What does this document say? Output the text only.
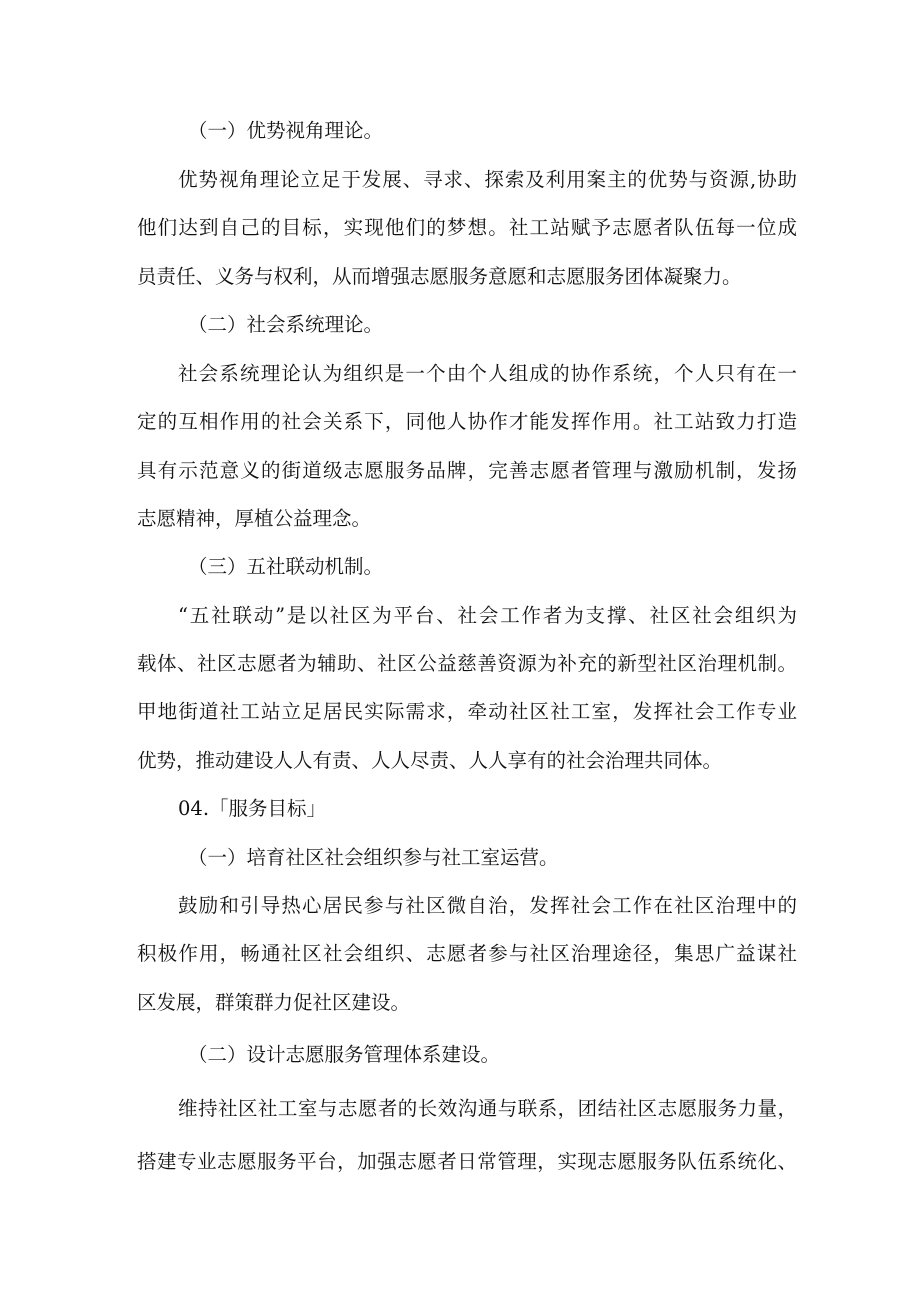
（一）优势视角理论。
优势视角理论立足于发展、寻求、探索及利用案主的优势与资源,协助
他们达到自己的目标，实现他们的梦想。社工站赋予志愿者队伍每一位成
员责任、义务与权利，从而增强志愿服务意愿和志愿服务团体凝聚力。
（二）社会系统理论。
社会系统理论认为组织是一个由个人组成的协作系统，个人只有在一
定的互相作用的社会关系下，同他人协作才能发挥作用。社工站致力打造
具有示范意义的街道级志愿服务品牌，完善志愿者管理与激励机制，发扬
志愿精神，厚植公益理念。
（三）五社联动机制。
“五社联动”是以社区为平台、社会工作者为支撑、社区社会组织为
载体、社区志愿者为辅助、社区公益慈善资源为补充的新型社区治理机制。
甲地街道社工站立足居民实际需求，牵动社区社工室，发挥社会工作专业
优势，推动建设人人有责、人人尽责、人人享有的社会治理共同体。
04.「服务目标」
（一）培育社区社会组织参与社工室运营。
鼓励和引导热心居民参与社区微自治，发挥社会工作在社区治理中的
积极作用，畅通社区社会组织、志愿者参与社区治理途径，集思广益谋社
区发展，群策群力促社区建设。
（二）设计志愿服务管理体系建设。
维持社区社工室与志愿者的长效沟通与联系，团结社区志愿服务力量，
搭建专业志愿服务平台，加强志愿者日常管理，实现志愿服务队伍系统化、
